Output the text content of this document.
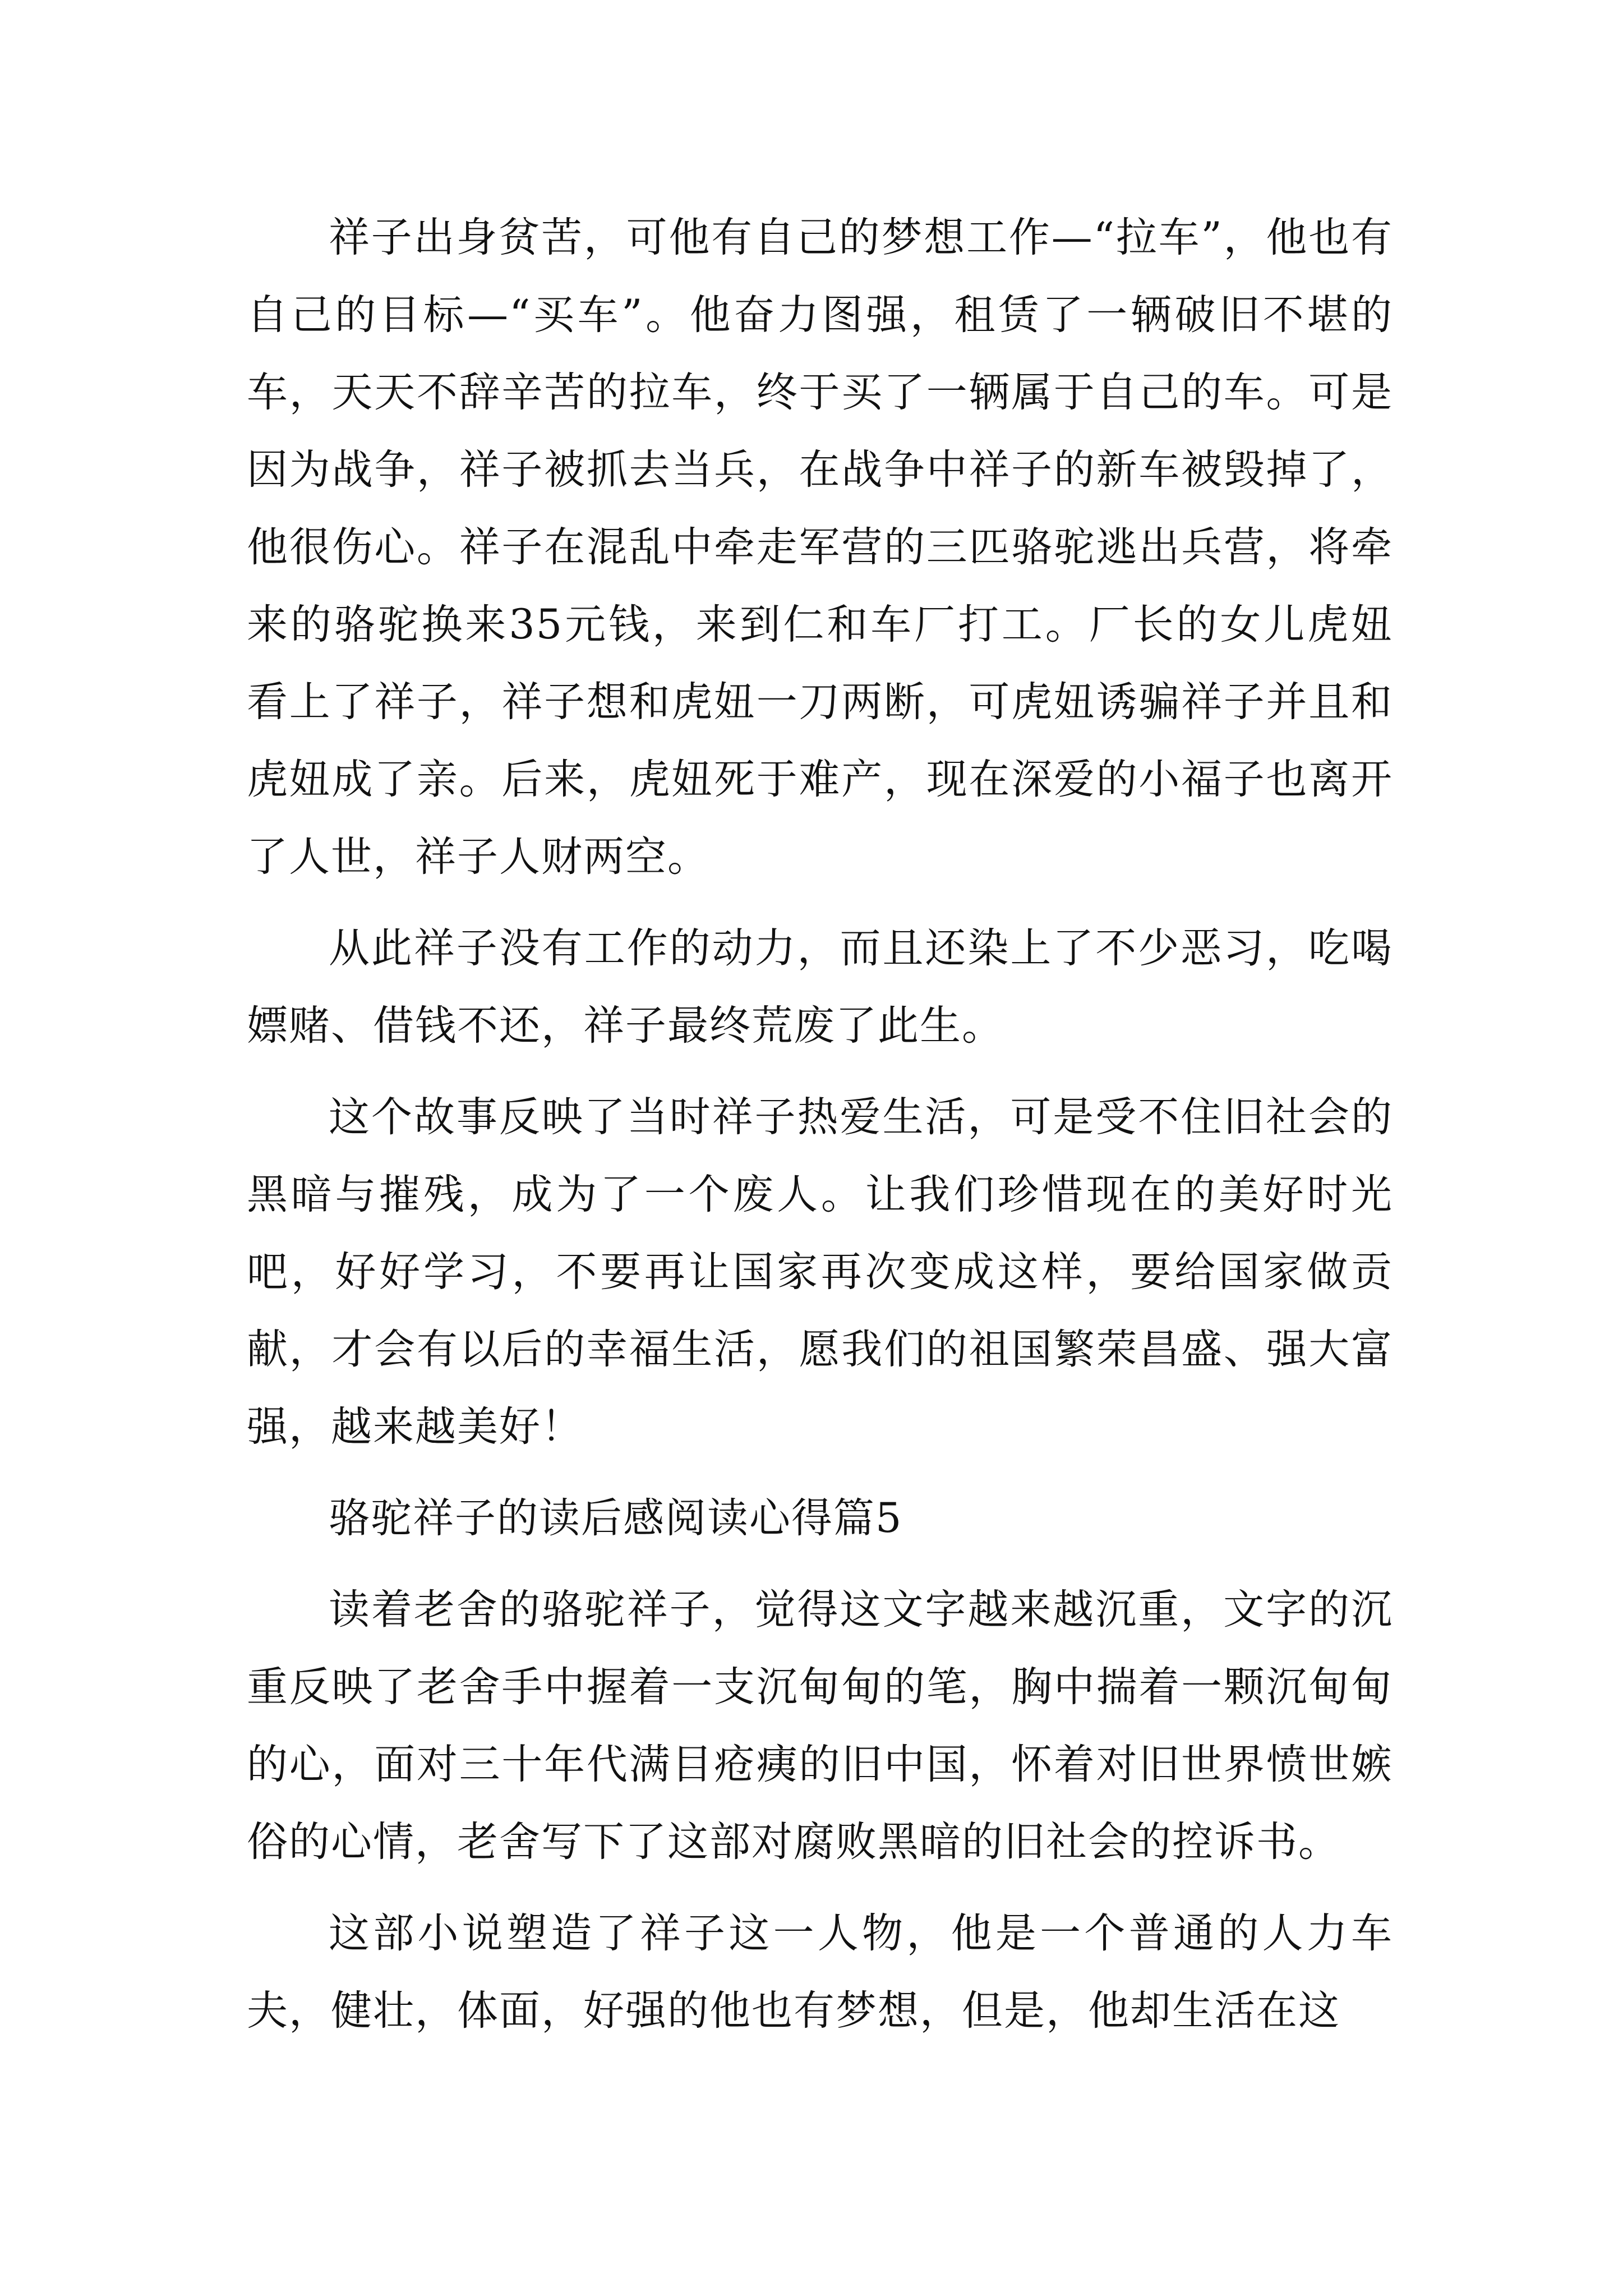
祥子出身贫苦，可他有自己的梦想工作—“拉车”，他也有自己的目标—“买车”。他奋力图强，租赁了一辆破旧不堪的车，天天不辞辛苦的拉车，终于买了一辆属于自己的车。可是因为战争，祥子被抓去当兵，在战争中祥子的新车被毁掉了，他很伤心。祥子在混乱中牵走军营的三匹骆驼逃出兵营，将牵来的骆驼换来35元钱，来到仁和车厂打工。厂长的女儿虎妞看上了祥子，祥子想和虎妞一刀两断，可虎妞诱骗祥子并且和虎妞成了亲。后来，虎妞死于难产，现在深爱的小福子也离开了人世，祥子人财两空。

从此祥子没有工作的动力，而且还染上了不少恶习，吃喝嫖赌、借钱不还，祥子最终荒废了此生。

这个故事反映了当时祥子热爱生活，可是受不住旧社会的黑暗与摧残，成为了一个废人。让我们珍惜现在的美好时光吧，好好学习，不要再让国家再次变成这样，要给国家做贡献，才会有以后的幸福生活，愿我们的祖国繁荣昌盛、强大富强，越来越美好！

骆驼祥子的读后感阅读心得篇5

读着老舍的骆驼祥子，觉得这文字越来越沉重，文字的沉重反映了老舍手中握着一支沉甸甸的笔，胸中揣着一颗沉甸甸的心，面对三十年代满目疮痍的旧中国，怀着对旧世界愤世嫉俗的心情，老舍写下了这部对腐败黑暗的旧社会的控诉书。

这部小说塑造了祥子这一人物，他是一个普通的人力车夫，健壮，体面，好强的他也有梦想，但是，他却生活在这
